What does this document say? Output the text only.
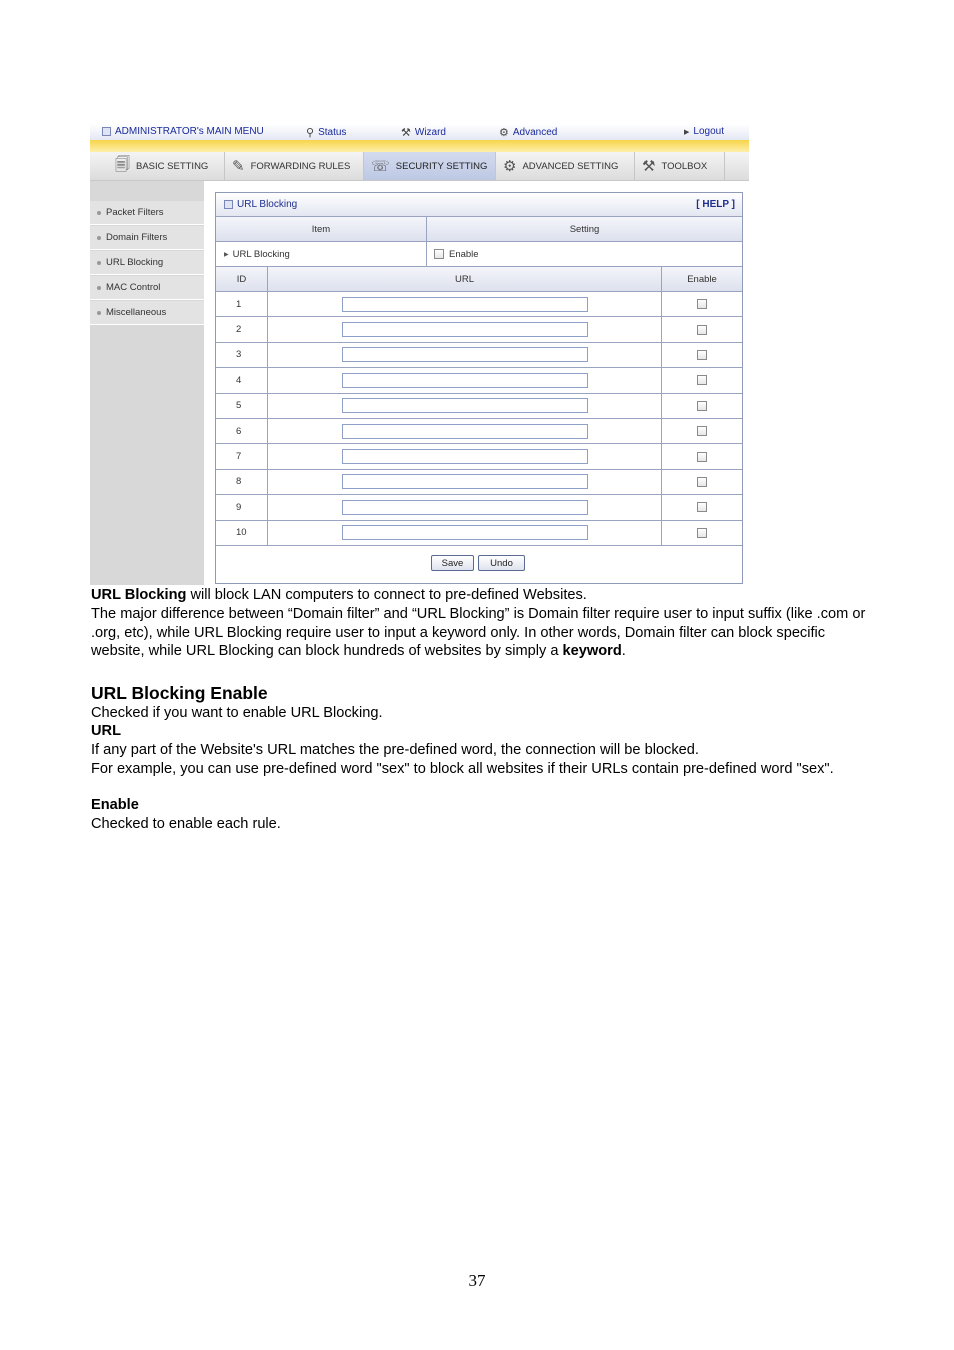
ADMINISTRATOR's MAIN MENU	⚲ Status	⚒ Wizard	⚙ Advanced	▶ Logout
🗐 BASIC SETTING ✎ FORWARDING RULES ☏ SECURITY SETTING ⚙ ADVANCED SETTING ⚒ TOOLBOX
Packet Filters
Domain Filters
URL Blocking
MAC Control
Miscellaneous
URL Blocking	[ HELP ]
Item	Setting
▶ URL Blocking	Enable
ID	URL	Enable
1
2
3
4
5
6
7
8
9
10
Save	Undo

URL Blocking will block LAN computers to connect to pre-defined Websites.

The major difference between “Domain filter” and “URL Blocking” is Domain filter require user to input suffix (like .com or .org, etc), while URL Blocking require user to input a keyword only. In other words, Domain filter can block specific website, while URL Blocking can block hundreds of websites by simply a keyword.

URL Blocking Enable

Checked if you want to enable URL Blocking.

URL

If any part of the Website's URL matches the pre-defined word, the connection will be blocked.

For example, you can use pre-defined word "sex" to block all websites if their URLs contain pre-defined word "sex".

Enable

Checked to enable each rule.

37
